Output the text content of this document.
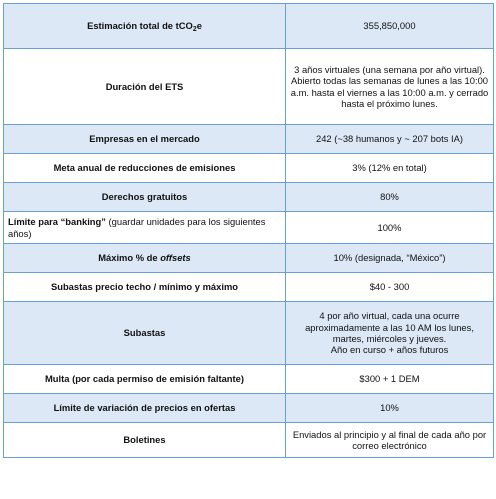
Estimación total de tCO$_2$e	355,850,000
Duración del ETS	3 años virtuales (una semana por año virtual).
Abierto todas las semanas de lunes a las 10:00 a.m. hasta el viernes a las 10:00 a.m. y cerrado hasta el próximo lunes.

Empresas en el mercado	242 (~38 humanos y ~ 207 bots IA)
Meta anual de reducciones de emisiones	3% (12% en total)
Derechos gratuitos	80%
Límite para “banking” (guardar unidades para los siguientes años)	100%
Máximo % de offsets	10% (designada, “México”)
Subastas precio techo / mínimo y máximo	$40 - 300
Subastas	4 por año virtual, cada una ocurre aproximadamente a las 10 AM los lunes, martes, miércoles y jueves.
Año en curso + años futuros

Multa (por cada permiso de emisión faltante)	$300 + 1 DEM
Límite de variación de precios en ofertas	10%
Boletines	Enviados al principio y al final de cada año por correo electrónico
